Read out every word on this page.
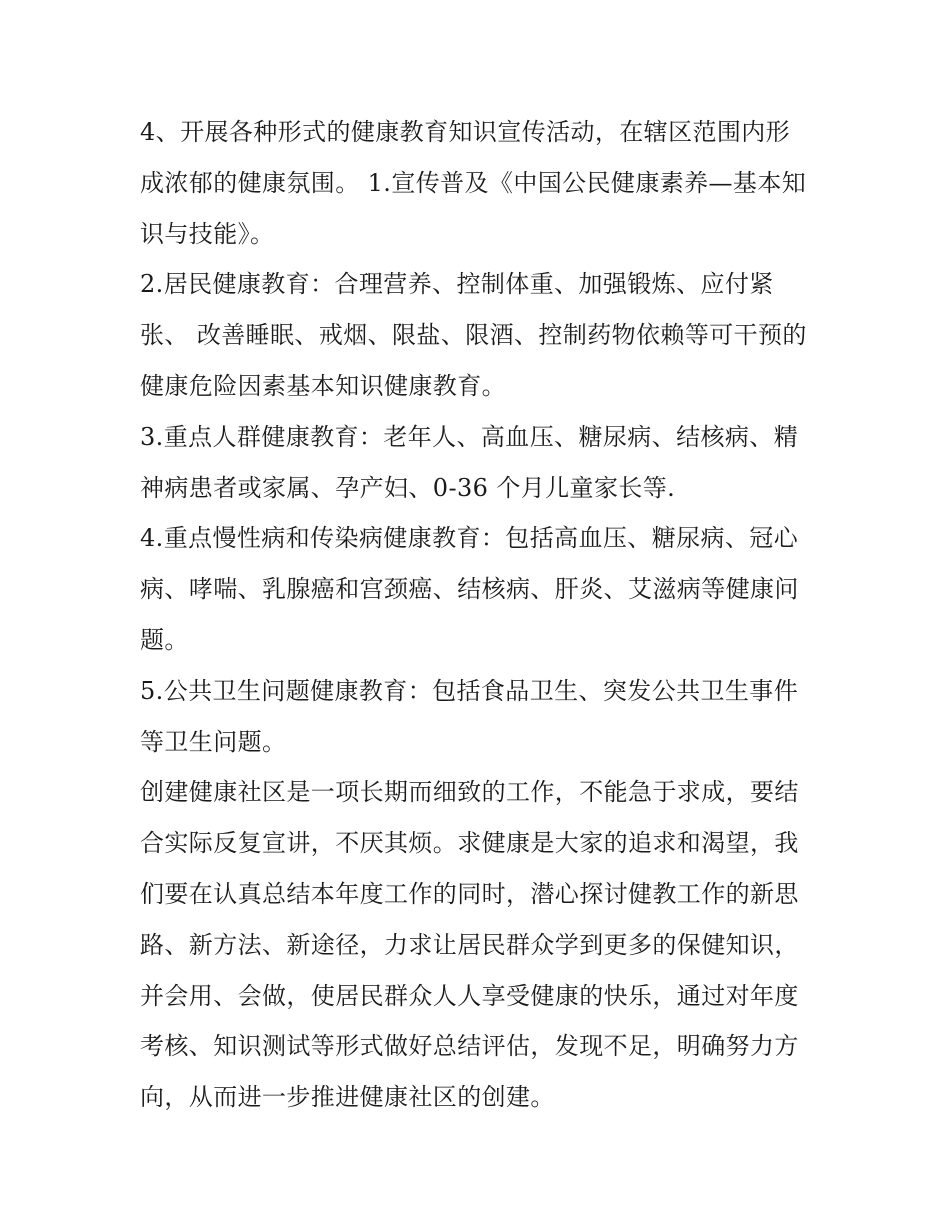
4、开展各种形式的健康教育知识宣传活动，在辖区范围内形成浓郁的健康氛围。 1.宣传普及《中国公民健康素养—基本知识与技能》。

2.居民健康教育：合理营养、控制体重、加强锻炼、应付紧张、 改善睡眠、戒烟、限盐、限酒、控制药物依赖等可干预的健康危险因素基本知识健康教育。

3.重点人群健康教育：老年人、高血压、糖尿病、结核病、精神病患者或家属、孕产妇、0-36 个月儿童家长等.

4.重点慢性病和传染病健康教育：包括高血压、糖尿病、冠心病、哮喘、乳腺癌和宫颈癌、结核病、肝炎、艾滋病等健康问题。

5.公共卫生问题健康教育：包括食品卫生、突发公共卫生事件等卫生问题。

创建健康社区是一项长期而细致的工作，不能急于求成，要结合实际反复宣讲，不厌其烦。求健康是大家的追求和渴望，我们要在认真总结本年度工作的同时，潜心探讨健教工作的新思路、新方法、新途径，力求让居民群众学到更多的保健知识，并会用、会做，使居民群众人人享受健康的快乐，通过对年度考核、知识测试等形式做好总结评估，发现不足，明确努力方向，从而进一步推进健康社区的创建。
